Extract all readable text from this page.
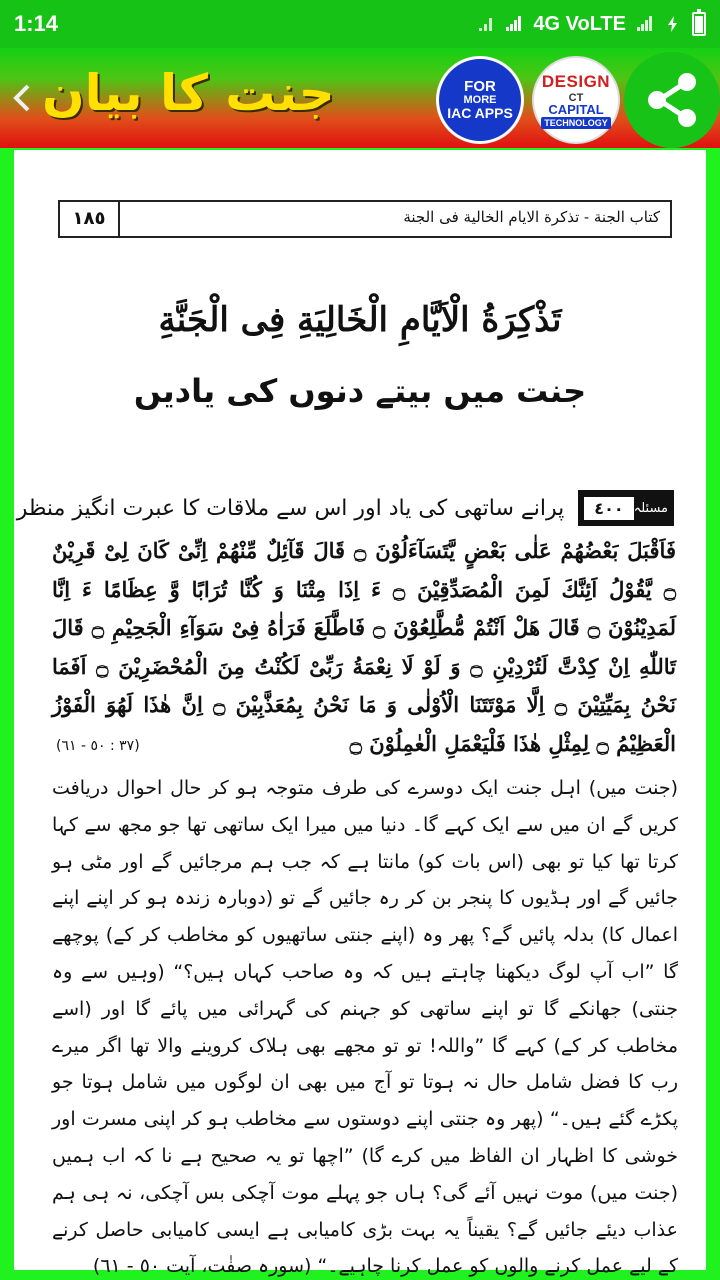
1:14	4G VoLTE
جنت کا بیان	FOR
MORE
IAC APPS
DESIGN
CT
CAPITAL
TECHNOLOGY
١٨٥	كتاب الجنة - تذكرة الايام الخالية فى الجنة
تَذْكِرَةُ الْاَيَّامِ الْخَالِيَةِ فِى الْجَنَّةِ
جنت میں بیتے دنوں کی یادیں
مسئلہ
٤٠٠
پرانے ساتھی کی یاد اور اس سے ملاقات کا عبرت انگیز منظر
فَاَقْبَلَ بَعْضُهُمْ عَلٰى بَعْضٍ يَّتَسَآءَلُوْنَ ۝ قَالَ قَآئِلٌ مِّنْهُمْ اِنِّىْ كَانَ لِىْ قَرِيْنٌ ۝ يَّقُوْلُ اَئِنَّكَ لَمِنَ الْمُصَدِّقِيْنَ ۝ ءَ اِذَا مِتْنَا وَ كُنَّا تُرَابًا وَّ عِظَامًا ءَ اِنَّا لَمَدِيْنُوْنَ ۝ قَالَ هَلْ اَنْتُمْ مُّطَّلِعُوْنَ ۝ فَاطَّلَعَ فَرَاٰهُ فِىْ سَوَآءِ الْجَحِيْمِ ۝ قَالَ تَاللّٰهِ اِنْ كِدْتَّ لَتُرْدِيْنِ ۝ وَ لَوْ لَا نِعْمَةُ رَبِّىْ لَكُنْتُ مِنَ الْمُحْضَرِيْنَ ۝ اَفَمَا نَحْنُ بِمَيِّتِيْنَ ۝ اِلَّا مَوْتَتَنَا الْاُوْلٰى وَ مَا نَحْنُ بِمُعَذَّبِيْنَ ۝ اِنَّ هٰذَا لَهُوَ الْفَوْزُ الْعَظِيْمُ ۝ لِمِثْلِ هٰذَا فَلْيَعْمَلِ الْعٰمِلُوْنَ ۝
(٣٧ : ٥٠ - ٦١)
(جنت میں) اہل جنت ایک دوسرے کی طرف متوجہ ہو کر حال احوال دریافت کریں گے ان میں سے ایک کہے گا۔ دنیا میں میرا ایک ساتھی تھا جو مجھ سے کہا کرتا تھا کیا تو بھی (اس بات کو) مانتا ہے کہ جب ہم مرجائیں گے اور مٹی ہو جائیں گے اور ہڈیوں کا پنجر بن کر رہ جائیں گے تو (دوبارہ زندہ ہو کر اپنے اپنے اعمال کا) بدلہ پائیں گے؟ پھر وہ (اپنے جنتی ساتھیوں کو مخاطب کر کے) پوچھے گا ”اب آپ لوگ دیکھنا چاہتے ہیں کہ وہ صاحب کہاں ہیں؟“ (وہیں سے وہ جنتی) جھانکے گا تو اپنے ساتھی کو جہنم کی گہرائی میں پائے گا اور (اسے مخاطب کر کے) کہے گا ”واللہ! تو تو مجھے بھی ہلاک کروینے والا تھا اگر میرے رب کا فضل شامل حال نہ ہوتا تو آج میں بھی ان لوگوں میں شامل ہوتا جو پکڑے گئے ہیں۔“ (پھر وہ جنتی اپنے دوستوں سے مخاطب ہو کر اپنی مسرت اور خوشی کا اظہار ان الفاظ میں کرے گا) ”اچھا تو یہ صحیح ہے نا کہ اب ہمیں (جنت میں) موت نہیں آئے گی؟ ہاں جو پہلے موت آچکی بس آچکی، نہ ہی ہم عذاب دیئے جائیں گے؟ یقیناً یہ بہت بڑی کامیابی ہے ایسی کامیابی حاصل کرنے کے لیے عمل کرنے والوں کو عمل کرنا چاہیے۔“ (سورہ صفٰت، آیت ٥٠ - ٦١)
